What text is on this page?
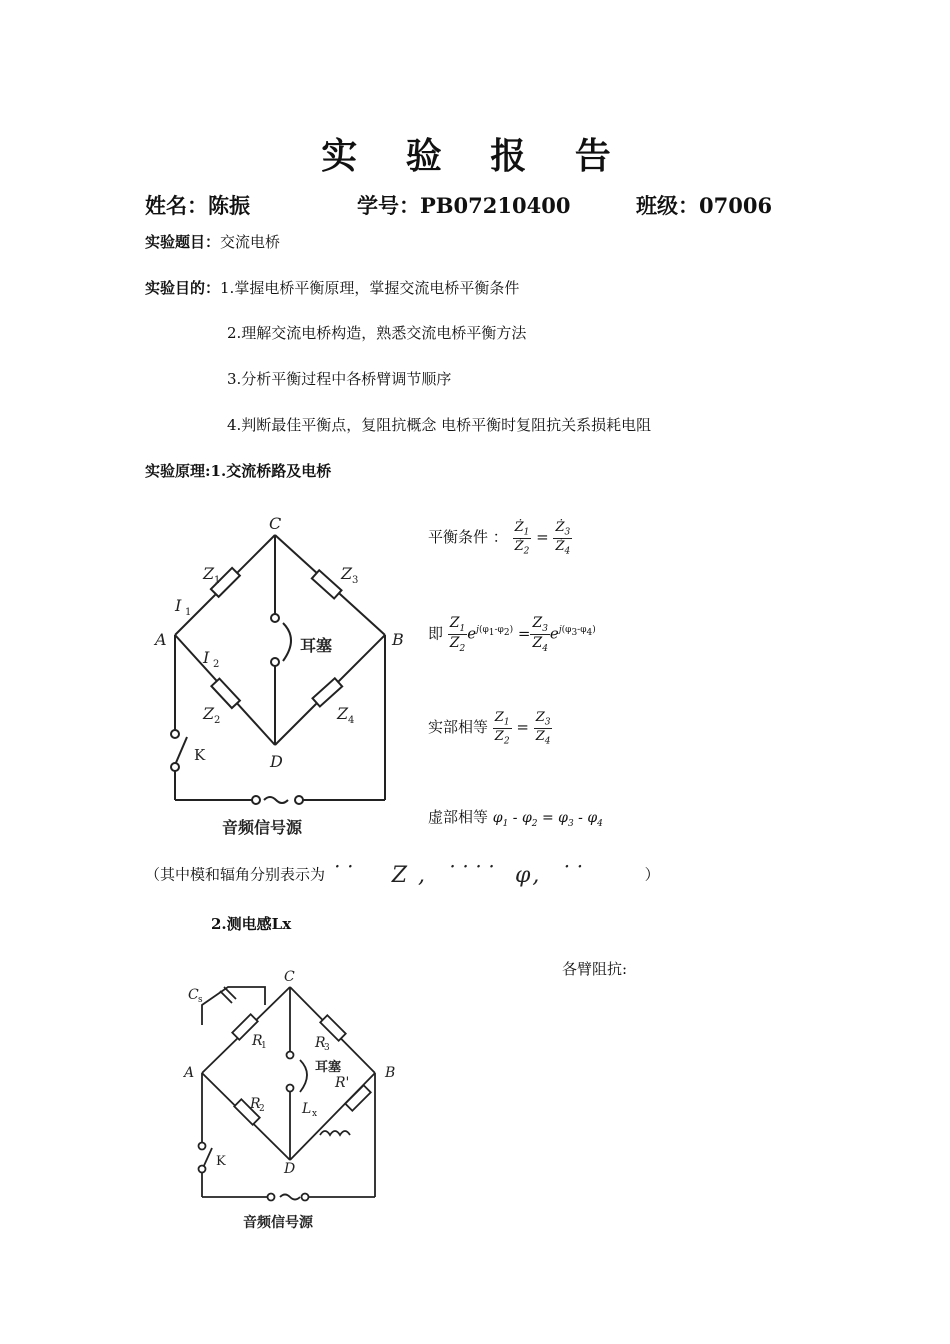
实 验 报 告
姓名：陈振	学号：PB07210400	班级：07006
实验题目：交流电桥
实验目的：1.掌握电桥平衡原理，掌握交流电桥平衡条件
2.理解交流电桥构造，熟悉交流电桥平衡方法
3.分析平衡过程中各桥臂调节顺序
4.判断最佳平衡点，复阻抗概念 电桥平衡时复阻抗关系损耗电阻
实验原理:1.交流桥路及电桥
C
A	B
D
Z	Z
Z	Z
I
I
1	3
2	4
1
2
K
耳塞
音频信号源
平衡条件 ： $\frac{Ż_1}{Ż_2} = \frac{Ż_3}{Ż_4}$
即 $\frac{Z_1}{Z_2} e^{j(\varphi_1-\varphi_2)} = \frac{Z_3}{Z_4} e^{j(\varphi_3-\varphi_4)}$
实部相等 $\frac{Z_1}{Z_2} = \frac{Z_3}{Z_4}$
虚部相等 $\varphi_1 - \varphi_2 = \varphi_3 - \varphi_4$
（其中模和辐角分别表示为 ˙˙    Z ,  ˙˙˙˙  φ,  ˙˙	）
2.测电感Lx
各臂阻抗:
C
A	B
D
C
R	R
R
R'
L
s
1	3
2	x
K
耳塞
音频信号源
